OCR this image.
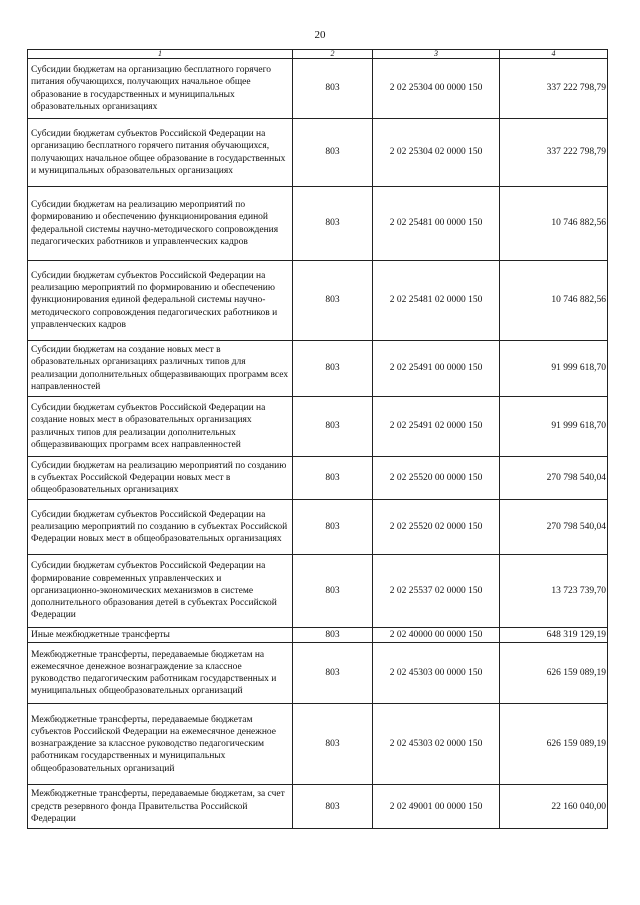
20
1	2	3	4
Субсидии бюджетам на организацию бесплатного горячего питания обучающихся, получающих начальное общее образование в государственных и муниципальных образовательных организациях	803	2 02 25304 00 0000 150	337 222 798,79
Субсидии бюджетам субъектов Российской Федерации на организацию бесплатного горячего питания обучающихся, получающих начальное общее образование в государственных и муниципальных образовательных организациях	803	2 02 25304 02 0000 150	337 222 798,79
Субсидии бюджетам на реализацию мероприятий по формированию и обеспечению функционирования единой федеральной системы научно-методического сопровождения педагогических работников и управленческих кадров	803	2 02 25481 00 0000 150	10 746 882,56
Субсидии бюджетам субъектов Российской Федерации на реализацию мероприятий по формированию и обеспечению функционирования единой федеральной системы научно-методического сопровождения педагогических работников и управленческих кадров	803	2 02 25481 02 0000 150	10 746 882,56
Субсидии бюджетам на создание новых мест в образовательных организациях различных типов для реализации дополнительных общеразвивающих программ всех направленностей	803	2 02 25491 00 0000 150	91 999 618,70
Субсидии бюджетам субъектов Российской Федерации на создание новых мест в образовательных организациях различных типов для реализации дополнительных общеразвивающих программ всех направленностей	803	2 02 25491 02 0000 150	91 999 618,70
Субсидии бюджетам на реализацию мероприятий по созданию в субъектах Российской Федерации новых мест в общеобразовательных организациях	803	2 02 25520 00 0000 150	270 798 540,04
Субсидии бюджетам субъектов Российской Федерации на реализацию мероприятий по созданию в субъектах Российской Федерации новых мест в общеобразовательных организациях	803	2 02 25520 02 0000 150	270 798 540,04
Субсидии бюджетам субъектов Российской Федерации на формирование современных управленческих и организационно-экономических механизмов в системе дополнительного образования детей в субъектах Российской Федерации	803	2 02 25537 02 0000 150	13 723 739,70
Иные межбюджетные трансферты	803	2 02 40000 00 0000 150	648 319 129,19
Межбюджетные трансферты, передаваемые бюджетам на ежемесячное денежное вознаграждение за классное руководство педагогическим работникам государственных и муниципальных общеобразовательных организаций	803	2 02 45303 00 0000 150	626 159 089,19
Межбюджетные трансферты, передаваемые бюджетам субъектов Российской Федерации на ежемесячное денежное вознаграждение за классное руководство педагогическим работникам государственных и муниципальных общеобразовательных организаций	803	2 02 45303 02 0000 150	626 159 089,19
Межбюджетные трансферты, передаваемые бюджетам, за счет средств резервного фонда Правительства Российской Федерации	803	2 02 49001 00 0000 150	22 160 040,00
